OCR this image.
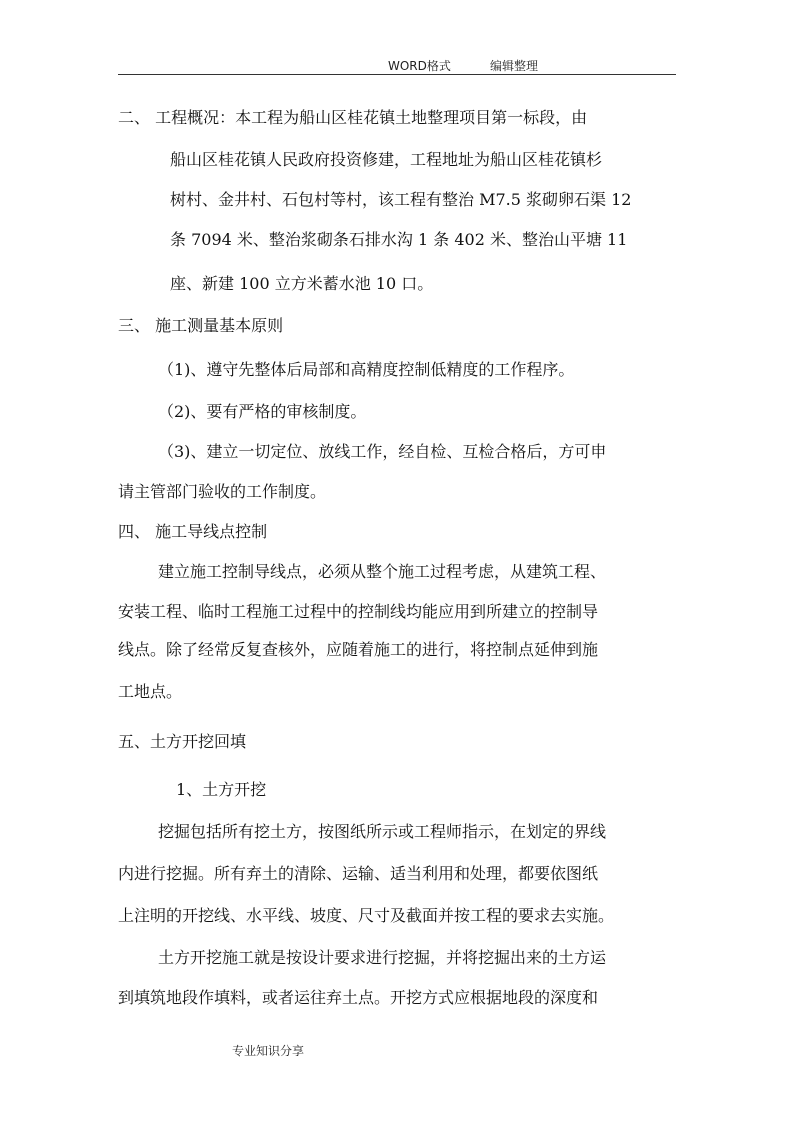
WORD格式	编辑整理
二、 工程概况：本工程为船山区桂花镇土地整理项目第一标段，由
船山区桂花镇人民政府投资修建，工程地址为船山区桂花镇杉
树村、金井村、石包村等村，该工程有整治 M7.5 浆砌卵石渠 12
条 7094 米、整治浆砌条石排水沟 1 条 402 米、整治山平塘 11
座、新建 100 立方米蓄水池 10 口。
三、 施工测量基本原则
（1)、遵守先整体后局部和高精度控制低精度的工作程序。
（2)、要有严格的审核制度。
（3)、建立一切定位、放线工作，经自检、互检合格后，方可申
请主管部门验收的工作制度。
四、 施工导线点控制
建立施工控制导线点，必须从整个施工过程考虑，从建筑工程、
安装工程、临时工程施工过程中的控制线均能应用到所建立的控制导
线点。除了经常反复查核外，应随着施工的进行，将控制点延伸到施
工地点。
五、土方开挖回填
1、土方开挖
挖掘包括所有挖土方，按图纸所示或工程师指示，在划定的界线
内进行挖掘。所有弃土的清除、运输、适当利用和处理，都要依图纸
上注明的开挖线、水平线、坡度、尺寸及截面并按工程的要求去实施。
土方开挖施工就是按设计要求进行挖掘，并将挖掘出来的土方运
到填筑地段作填料，或者运往弃土点。开挖方式应根据地段的深度和
专业知识分享
